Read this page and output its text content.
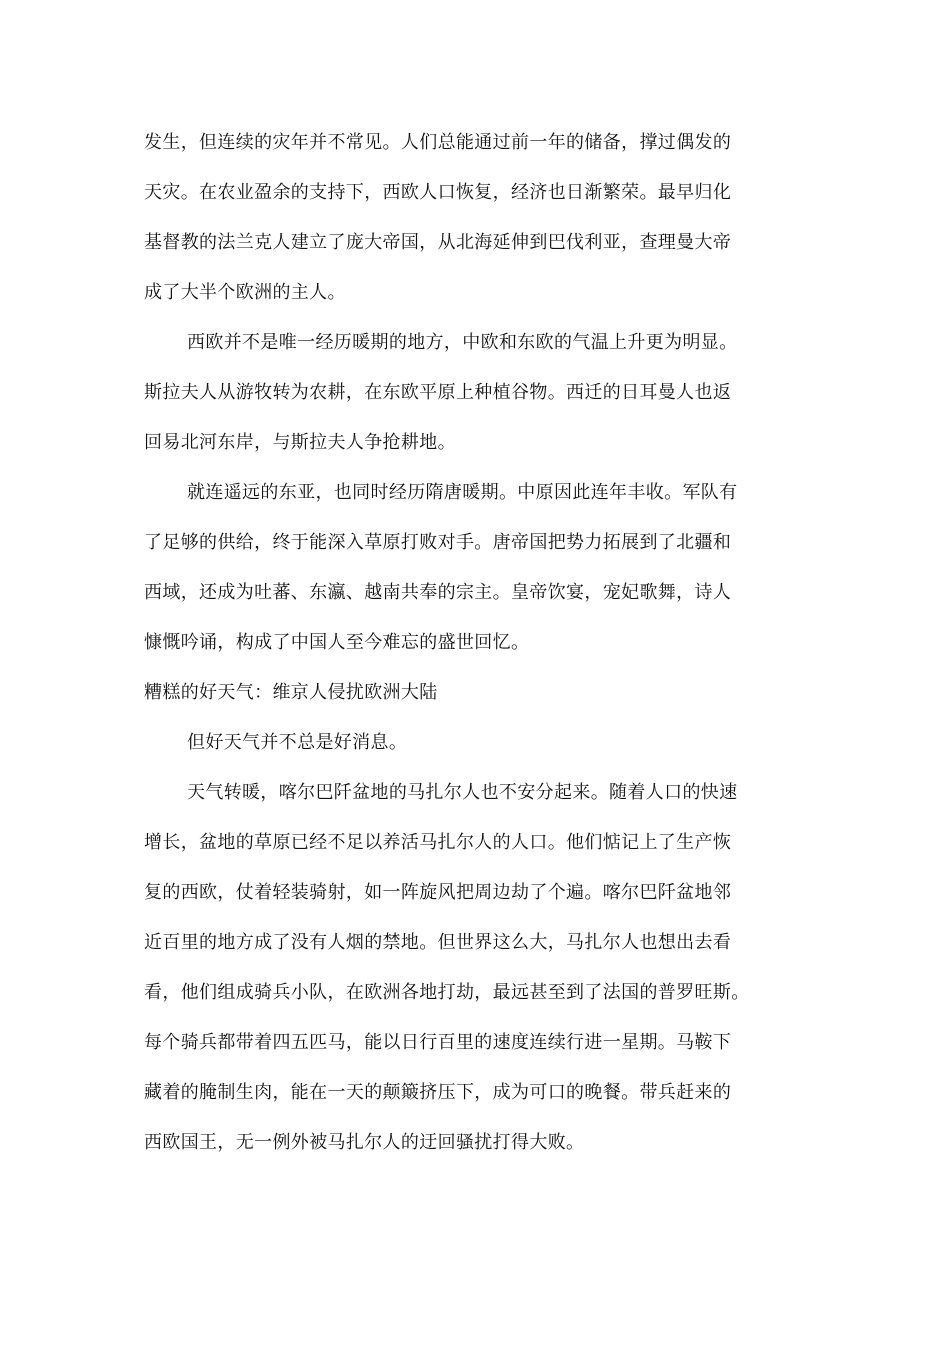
发生，但连续的灾年并不常见。人们总能通过前一年的储备，撑过偶发的
天灾。在农业盈余的支持下，西欧人口恢复，经济也日渐繁荣。最早归化
基督教的法兰克人建立了庞大帝国，从北海延伸到巴伐利亚，查理曼大帝
成了大半个欧洲的主人。
西欧并不是唯一经历暖期的地方，中欧和东欧的气温上升更为明显。
斯拉夫人从游牧转为农耕，在东欧平原上种植谷物。西迁的日耳曼人也返
回易北河东岸，与斯拉夫人争抢耕地。
就连遥远的东亚，也同时经历隋唐暖期。中原因此连年丰收。军队有
了足够的供给，终于能深入草原打败对手。唐帝国把势力拓展到了北疆和
西域，还成为吐蕃、东瀛、越南共奉的宗主。皇帝饮宴，宠妃歌舞，诗人
慷慨吟诵，构成了中国人至今难忘的盛世回忆。
糟糕的好天气：维京人侵扰欧洲大陆
但好天气并不总是好消息。
天气转暖，喀尔巴阡盆地的马扎尔人也不安分起来。随着人口的快速
增长，盆地的草原已经不足以养活马扎尔人的人口。他们惦记上了生产恢
复的西欧，仗着轻装骑射，如一阵旋风把周边劫了个遍。喀尔巴阡盆地邻
近百里的地方成了没有人烟的禁地。但世界这么大，马扎尔人也想出去看
看，他们组成骑兵小队，在欧洲各地打劫，最远甚至到了法国的普罗旺斯。
每个骑兵都带着四五匹马，能以日行百里的速度连续行进一星期。马鞍下
藏着的腌制生肉，能在一天的颠簸挤压下，成为可口的晚餐。带兵赶来的
西欧国王，无一例外被马扎尔人的迂回骚扰打得大败。
